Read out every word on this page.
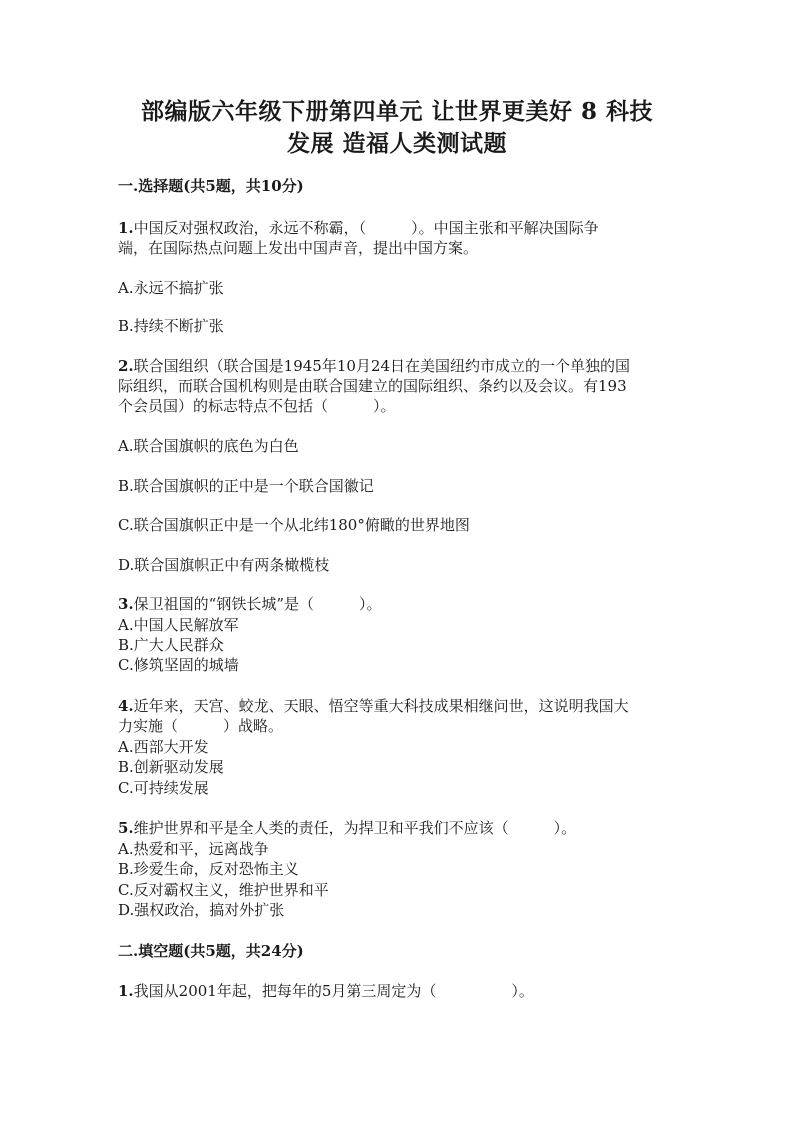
部编版六年级下册第四单元 让世界更美好 8 科技
发展 造福人类测试题
一.选择题(共5题，共10分)
1.中国反对强权政治，永远不称霸，（　　　）。中国主张和平解决国际争
端，在国际热点问题上发出中国声音，提出中国方案。
A.永远不搞扩张
B.持续不断扩张
2.联合国组织（联合国是1945年10月24日在美国纽约市成立的一个单独的国
际组织，而联合国机构则是由联合国建立的国际组织、条约以及会议。有193
个会员国）的标志特点不包括（　　　）。
A.联合国旗帜的底色为白色
B.联合国旗帜的正中是一个联合国徽记
C.联合国旗帜正中是一个从北纬180°俯瞰的世界地图
D.联合国旗帜正中有两条橄榄枝
3.保卫祖国的“钢铁长城”是（　　　）。
A.中国人民解放军
B.广大人民群众
C.修筑坚固的城墙
4.近年来，天宫、蛟龙、天眼、悟空等重大科技成果相继问世，这说明我国大
力实施（　　　）战略。
A.西部大开发
B.创新驱动发展
C.可持续发展
5.维护世界和平是全人类的责任，为捍卫和平我们不应该（　　　）。
A.热爱和平，远离战争
B.珍爱生命，反对恐怖主义
C.反对霸权主义，维护世界和平
D.强权政治，搞对外扩张
二.填空题(共5题，共24分)
1.我国从2001年起，把每年的5月第三周定为（　　　　　）。
